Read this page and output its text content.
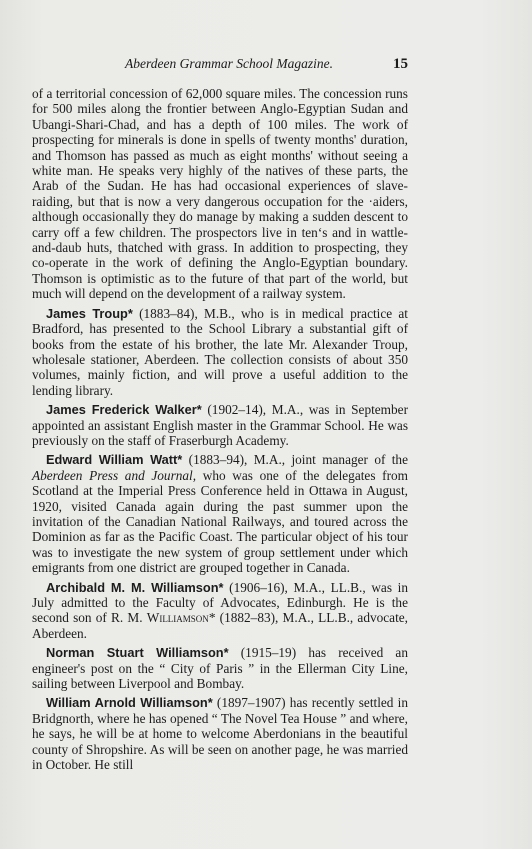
Aberdeen Grammar School Magazine.	15

of a territorial concession of 62,000 square miles. The concession runs for 500 miles along the frontier between Anglo-Egyptian Sudan and Ubangi-Shari-Chad, and has a depth of 100 miles. The work of prospecting for minerals is done in spells of twenty months' duration, and Thomson has passed as much as eight months' without seeing a white man. He speaks very highly of the natives of these parts, the Arab of the Sudan. He has had occasional experiences of slave-raiding, but that is now a very dangerous occupation for the ·aiders, although occasionally they do manage by making a sudden descent to carry off a few children. The prospectors live in ten‘s and in wattle-and-daub huts, thatched with grass. In addition to prospecting, they co-operate in the work of defining the Anglo-Egyptian boundary. Thomson is optimistic as to the future of that part of the world, but much will depend on the development of a railway system.

James Troup* (1883–84), M.B., who is in medical practice at Bradford, has presented to the School Library a substantial gift of books from the estate of his brother, the late Mr. Alexander Troup, wholesale stationer, Aberdeen. The collection consists of about 350 volumes, mainly fiction, and will prove a useful addition to the lending library.

James Frederick Walker* (1902–14), M.A., was in September appointed an assistant English master in the Grammar School. He was previously on the staff of Fraserburgh Academy.

Edward William Watt* (1883–94), M.A., joint manager of the Aberdeen Press and Journal, who was one of the delegates from Scotland at the Imperial Press Conference held in Ottawa in August, 1920, visited Canada again during the past summer upon the invitation of the Canadian National Railways, and toured across the Dominion as far as the Pacific Coast. The particular object of his tour was to investigate the new system of group settlement under which emigrants from one district are grouped together in Canada.

Archibald M. M. Williamson* (1906–16), M.A., LL.B., was in July admitted to the Faculty of Advocates, Edinburgh. He is the second son of R. M. Williamson* (1882–83), M.A., LL.B., advocate, Aberdeen.

Norman Stuart Williamson* (1915–19) has received an engineer's post on the “ City of Paris ” in the Ellerman City Line, sailing between Liverpool and Bombay.

William Arnold Williamson* (1897–1907) has recently settled in Bridgnorth, where he has opened “ The Novel Tea House ” and where, he says, he will be at home to welcome Aberdonians in the beautiful county of Shropshire. As will be seen on another page, he was married in October. He still
